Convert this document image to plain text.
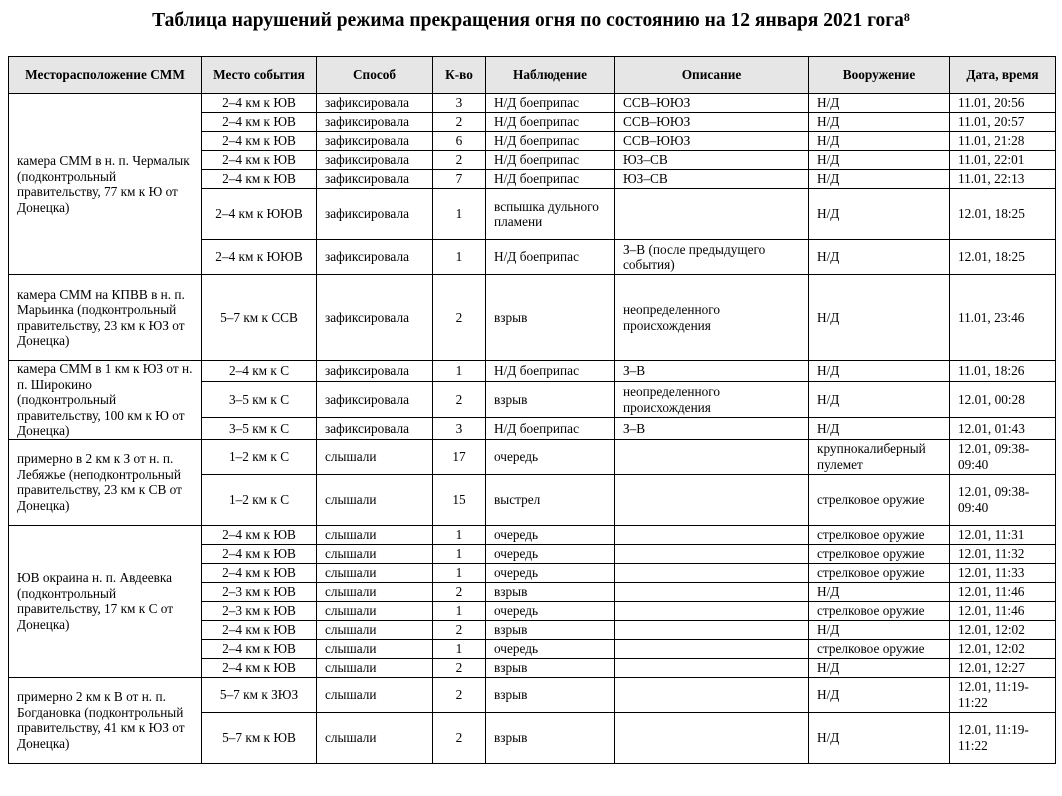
Таблица нарушений режима прекращения огня по состоянию на 12 января 2021 гога$^8$
Месторасположение СММ	Место события	Способ	К-во	Наблюдение	Описание	Вооружение	Дата, время
камера СММ в н. п. Чермалык (подконтрольный правительству, 77 км к Ю от Донецка)	2–4 км к ЮВ	зафиксировала	3	Н/Д боеприпас	ССВ–ЮЮЗ	Н/Д	11.01, 20:56
	2–4 км к ЮВ	зафиксировала	2	Н/Д боеприпас	ССВ–ЮЮЗ	Н/Д	11.01, 20:57
	2–4 км к ЮВ	зафиксировала	6	Н/Д боеприпас	ССВ–ЮЮЗ	Н/Д	11.01, 21:28
	2–4 км к ЮВ	зафиксировала	2	Н/Д боеприпас	ЮЗ–СВ	Н/Д	11.01, 22:01
	2–4 км к ЮВ	зафиксировала	7	Н/Д боеприпас	ЮЗ–СВ	Н/Д	11.01, 22:13
	2–4 км к ЮЮВ	зафиксировала	1	вспышка дульного пламени		Н/Д	12.01, 18:25
	2–4 км к ЮЮВ	зафиксировала	1	Н/Д боеприпас	З–В (после предыдущего события)	Н/Д	12.01, 18:25
камера СММ на КПВВ в н. п. Марьинка (подконтрольный правительству, 23 км к ЮЗ от Донецка)	5–7 км к ССВ	зафиксировала	2	взрыв	неопределенного происхождения	Н/Д	11.01, 23:46
камера СММ в 1 км к ЮЗ от н. п. Широкино (подконтрольный правительству, 100 км к Ю от Донецка)	2–4 км к С	зафиксировала	1	Н/Д боеприпас	З–В	Н/Д	11.01, 18:26
	3–5 км к С	зафиксировала	2	взрыв	неопределенного происхождения	Н/Д	12.01, 00:28
	3–5 км к С	зафиксировала	3	Н/Д боеприпас	З–В	Н/Д	12.01, 01:43
примерно в 2 км к З от н. п. Лебяжье (неподконтрольный правительству, 23 км к СВ от Донецка)	1–2 км к С	слышали	17	очередь		крупнокалиберный пулемет	12.01, 09:38-09:40
	1–2 км к С	слышали	15	выстрел		стрелковое оружие	12.01, 09:38-09:40
ЮВ окраина н. п. Авдеевка (подконтрольный правительству, 17 км к С от Донецка)	2–4 км к ЮВ	слышали	1	очередь		стрелковое оружие	12.01, 11:31
	2–4 км к ЮВ	слышали	1	очередь		стрелковое оружие	12.01, 11:32
	2–4 км к ЮВ	слышали	1	очередь		стрелковое оружие	12.01, 11:33
	2–3 км к ЮВ	слышали	2	взрыв		Н/Д	12.01, 11:46
	2–3 км к ЮВ	слышали	1	очередь		стрелковое оружие	12.01, 11:46
	2–4 км к ЮВ	слышали	2	взрыв		Н/Д	12.01, 12:02
	2–4 км к ЮВ	слышали	1	очередь		стрелковое оружие	12.01, 12:02
	2–4 км к ЮВ	слышали	2	взрыв		Н/Д	12.01, 12:27
примерно 2 км к В от н. п. Богдановка (подконтрольный правительству, 41 км к ЮЗ от Донецка)	5–7 км к ЗЮЗ	слышали	2	взрыв		Н/Д	12.01, 11:19-11:22
	5–7 км к ЮВ	слышали	2	взрыв		Н/Д	12.01, 11:19-11:22
